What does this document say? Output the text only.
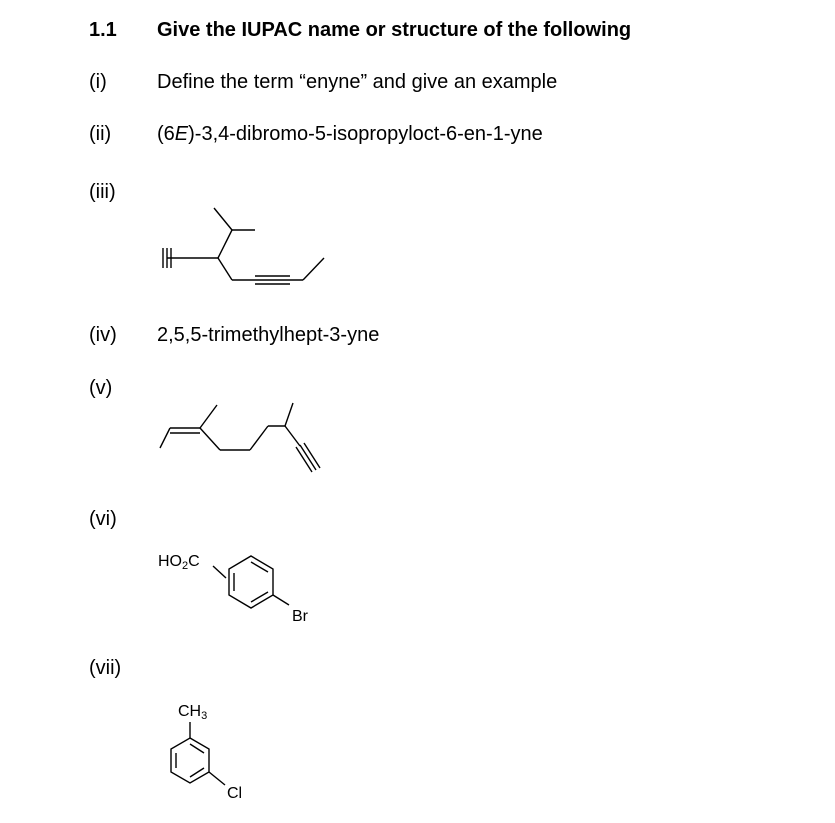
1.1 Give the IUPAC name or structure of the following
(i)	Define the term “enyne” and give an example
(ii) (6E)-3,4-dibromo-5-isopropyloct-6-en-1-yne
(iii)
(iv) 2,5,5-trimethylhept-3-yne
(v)
(vi)
$HO_2C$
Br
(vii)
$CH_3$
Cl
